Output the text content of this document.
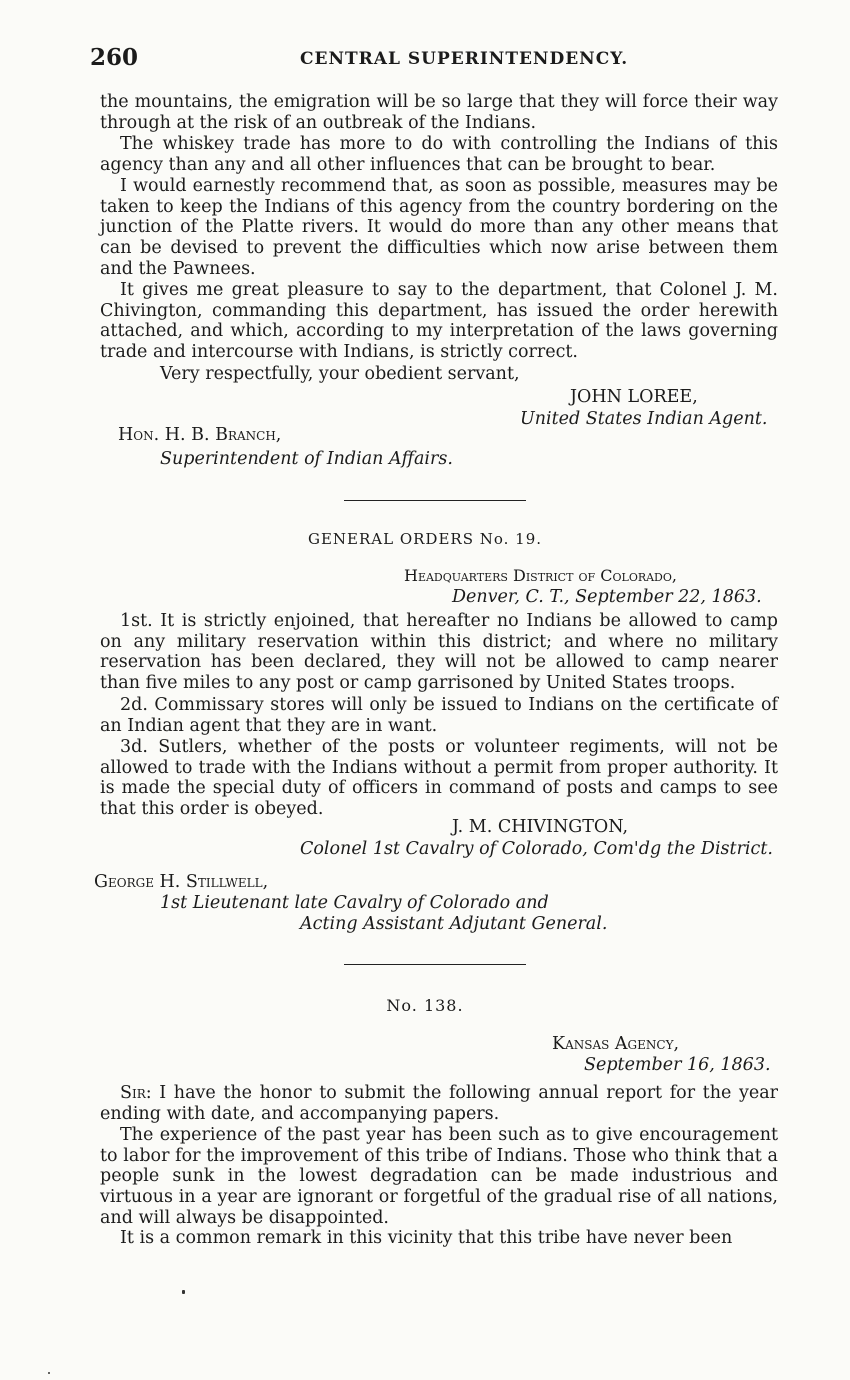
260	CENTRAL SUPERINTENDENCY.

the mountains, the emigration will be so large that they will force their way through at the risk of an outbreak of the Indians.

The whiskey trade has more to do with controlling the Indians of this agency than any and all other influences that can be brought to bear.

I would earnestly recommend that, as soon as possible, measures may be taken to keep the Indians of this agency from the country bordering on the junction of the Platte rivers. It would do more than any other means that can be devised to prevent the difficulties which now arise between them and the Pawnees.

It gives me great pleasure to say to the department, that Colonel J. M. Chivington, commanding this department, has issued the order herewith attached, and which, according to my interpretation of the laws governing trade and intercourse with Indians, is strictly correct.

Very respectfully, your obedient servant,

JOHN LOREE,
United States Indian Agent.
Hon. H. B. Branch,
Superintendent of Indian Affairs.
GENERAL ORDERS No. 19.
Headquarters District of Colorado,
Denver, C. T., September 22, 1863.

1st. It is strictly enjoined, that hereafter no Indians be allowed to camp on any military reservation within this district; and where no military reservation has been declared, they will not be allowed to camp nearer than five miles to any post or camp garrisoned by United States troops.

2d. Commissary stores will only be issued to Indians on the certificate of an Indian agent that they are in want.

3d. Sutlers, whether of the posts or volunteer regiments, will not be allowed to trade with the Indians without a permit from proper authority. It is made the special duty of officers in command of posts and camps to see that this order is obeyed.

J. M. CHIVINGTON,
Colonel 1st Cavalry of Colorado, Com'dg the District.
George H. Stillwell,
1st Lieutenant late Cavalry of Colorado and
Acting Assistant Adjutant General.
No. 138.
Kansas Agency,
September 16, 1863.

Sir: I have the honor to submit the following annual report for the year ending with date, and accompanying papers.

The experience of the past year has been such as to give encouragement to labor for the improvement of this tribe of Indians. Those who think that a people sunk in the lowest degradation can be made industrious and virtuous in a year are ignorant or forgetful of the gradual rise of all nations, and will always be disappointed.

It is a common remark in this vicinity that this tribe have never been
